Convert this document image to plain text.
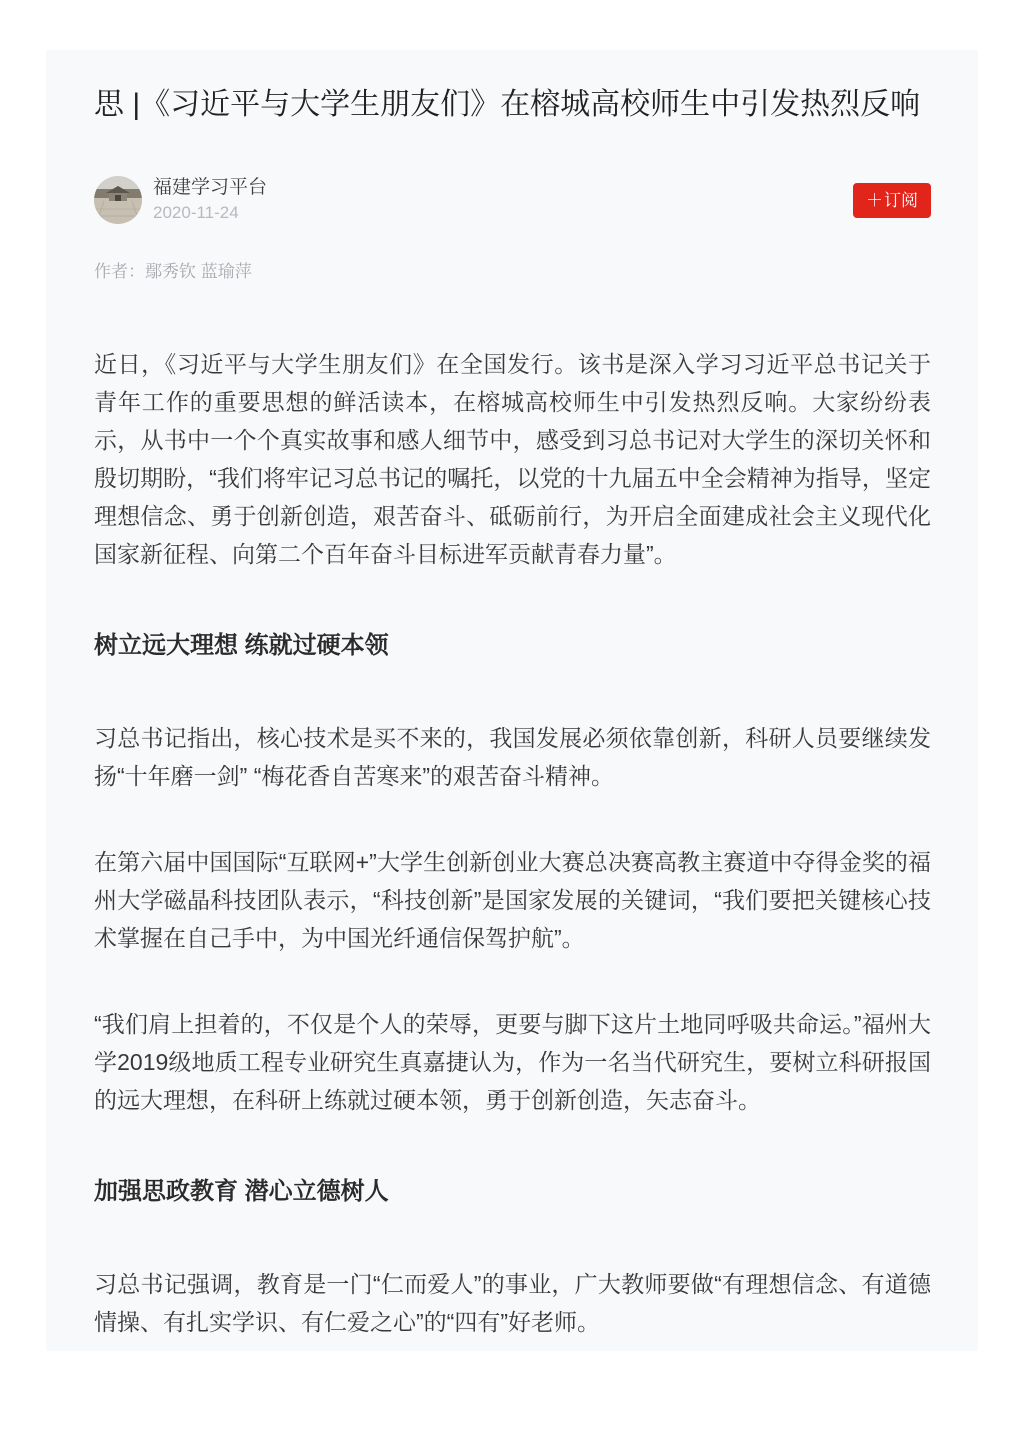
思 |《习近平与大学生朋友们》在榕城高校师生中引发热烈反响
福建学习平台
2020-11-24
＋ 订阅
作者：鄢秀钦 蓝瑜萍

近日，《习近平与大学生朋友们》在全国发行。该书是深入学习习近平总书记关于青年工作的重要思想的鲜活读本，在榕城高校师生中引发热烈反响。大家纷纷表示，从书中一个个真实故事和感人细节中，感受到习总书记对大学生的深切关怀和殷切期盼，“我们将牢记习总书记的嘱托，以党的十九届五中全会精神为指导，坚定理想信念、勇于创新创造，艰苦奋斗、砥砺前行，为开启全面建成社会主义现代化国家新征程、向第二个百年奋斗目标进军贡献青春力量”。

树立远大理想 练就过硬本领

习总书记指出，核心技术是买不来的，我国发展必须依靠创新，科研人员要继续发扬“十年磨一剑” “梅花香自苦寒来”的艰苦奋斗精神。

在第六届中国国际“互联网+”大学生创新创业大赛总决赛高教主赛道中夺得金奖的福州大学磁晶科技团队表示，“科技创新”是国家发展的关键词，“我们要把关键核心技术掌握在自己手中，为中国光纤通信保驾护航”。

“我们肩上担着的，不仅是个人的荣辱，更要与脚下这片土地同呼吸共命运。”福州大学2019级地质工程专业研究生真嘉捷认为，作为一名当代研究生，要树立科研报国的远大理想，在科研上练就过硬本领，勇于创新创造，矢志奋斗。

加强思政教育 潜心立德树人

习总书记强调，教育是一门“仁而爱人”的事业，广大教师要做“有理想信念、有道德情操、有扎实学识、有仁爱之心”的“四有”好老师。
